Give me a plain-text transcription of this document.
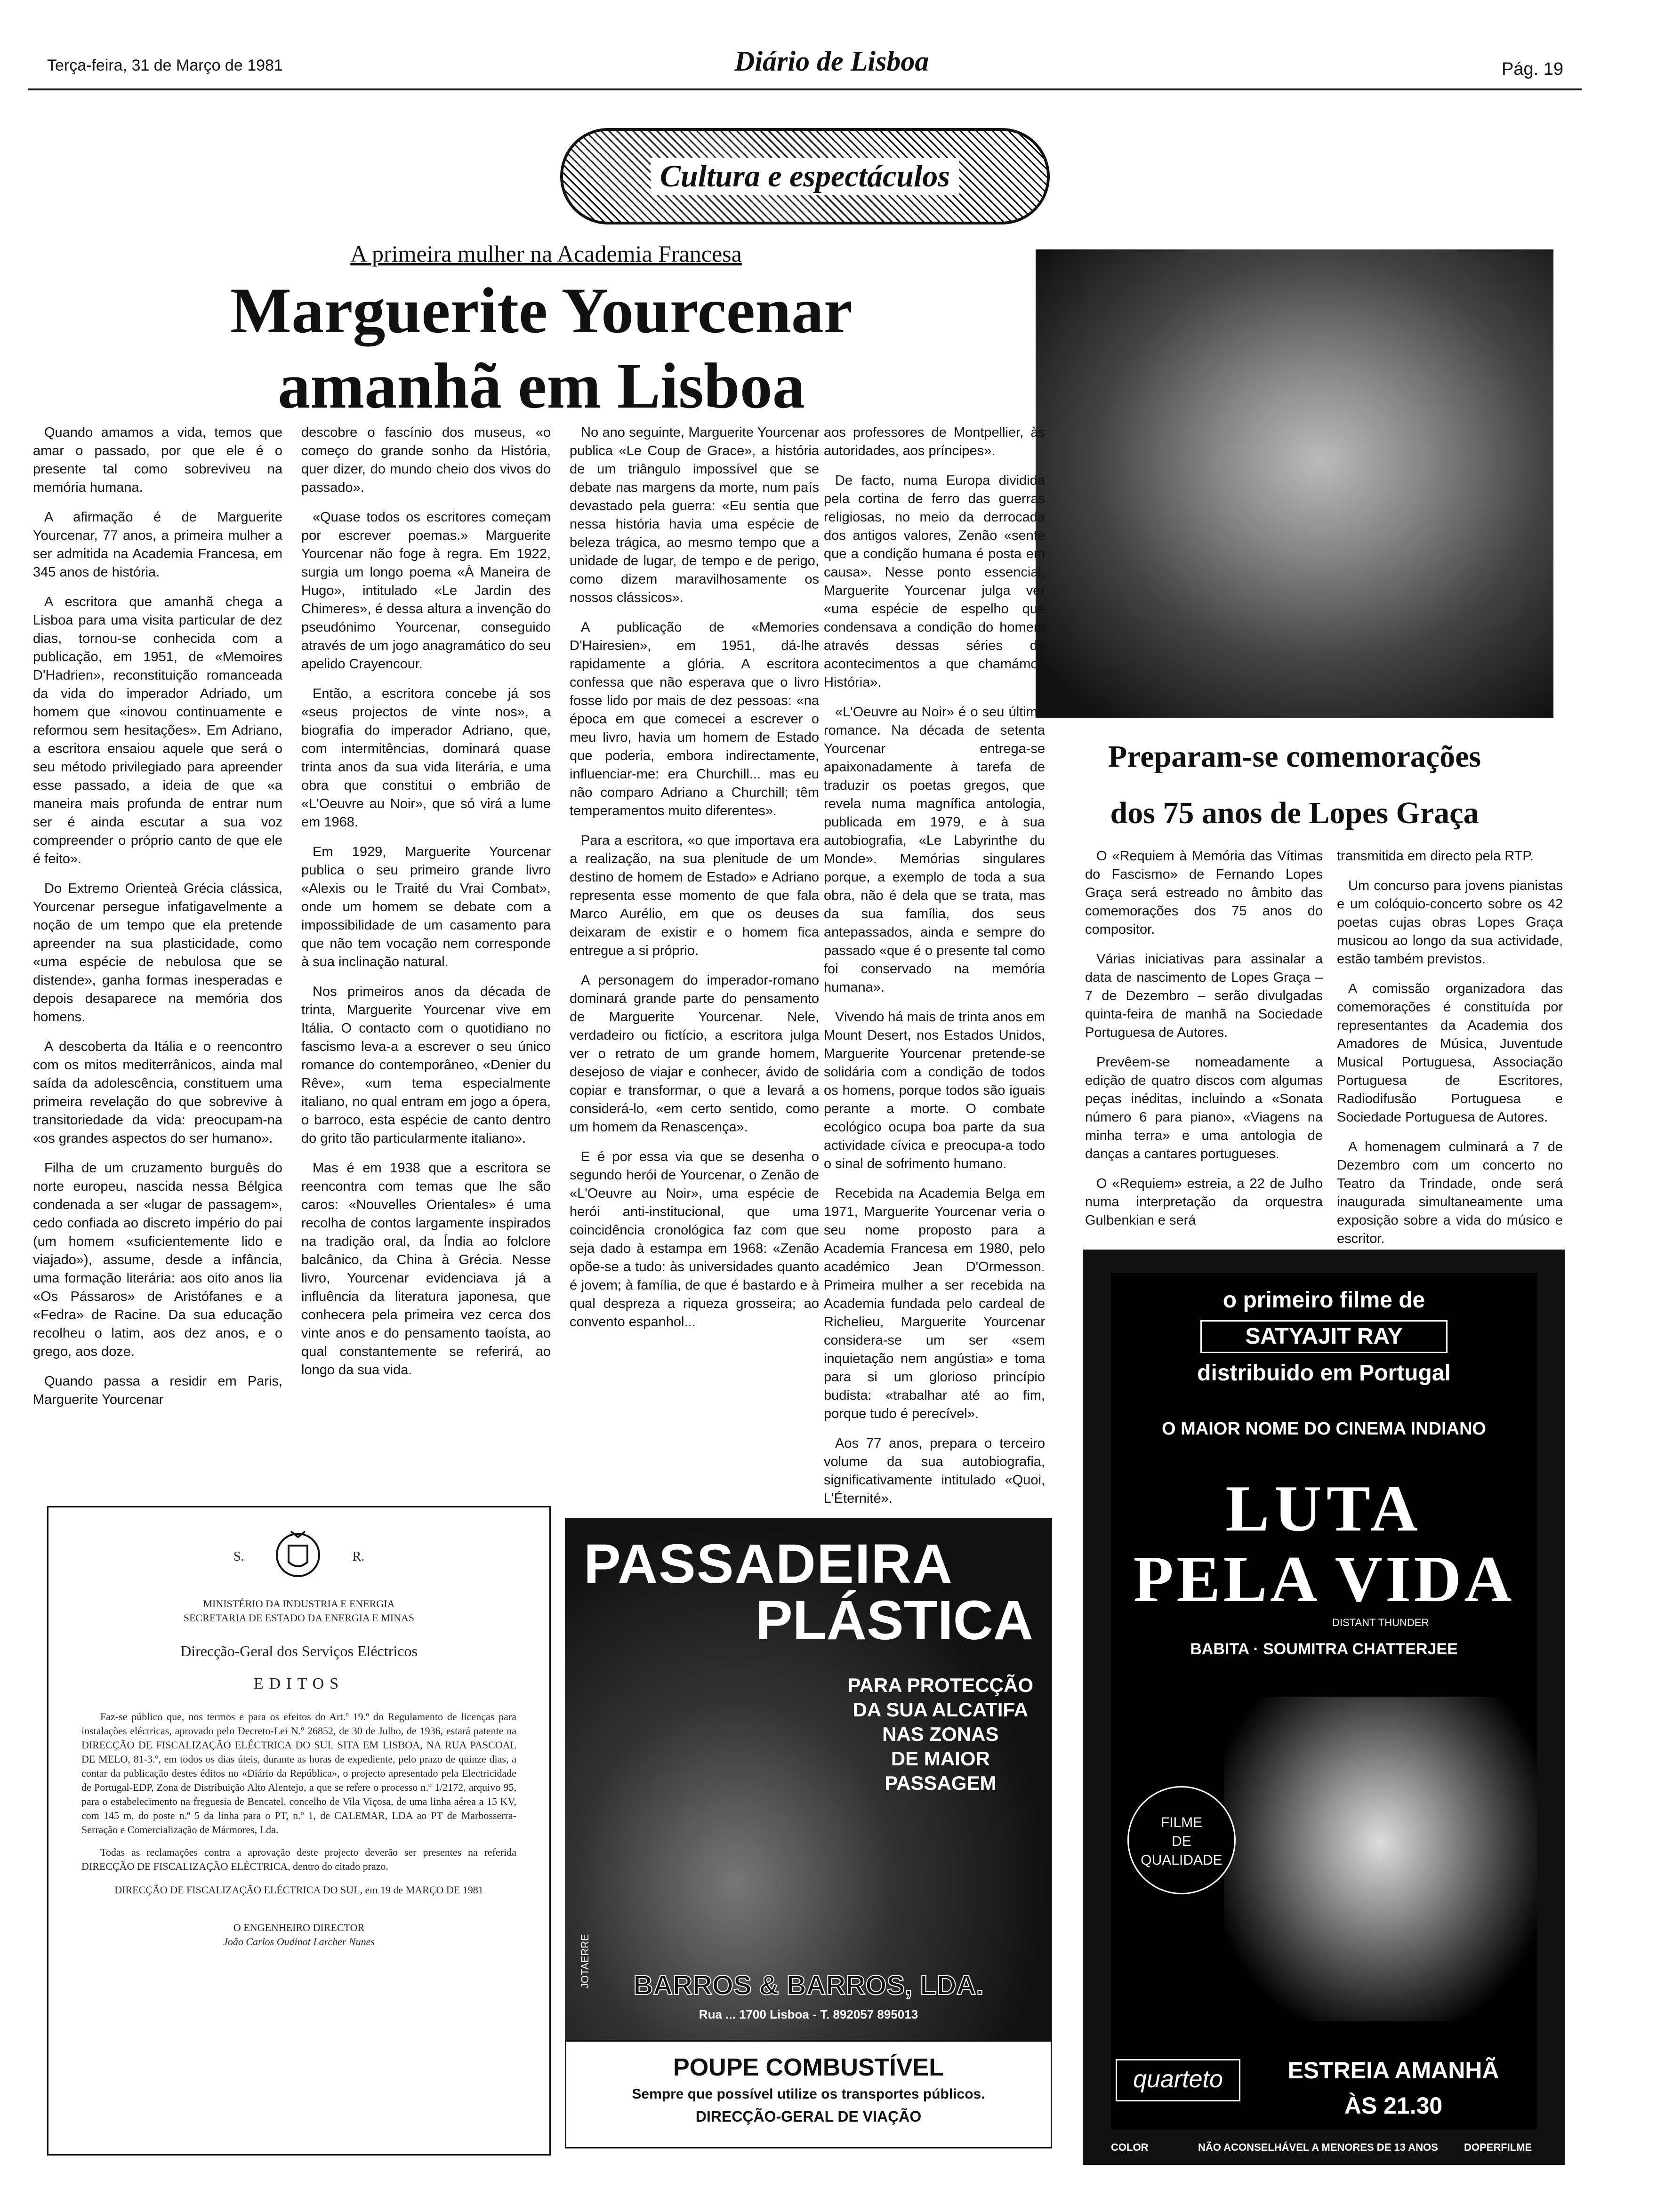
Terça-feira, 31 de Março de 1981	Diário de Lisboa	Pág. 19
Cultura e espectáculos
A primeira mulher na Academia Francesa
Marguerite Yourcenar
amanhã em Lisboa

Quando amamos a vida, temos que amar o passado, por que ele é o presente tal como sobreviveu na memória humana.

A afirmação é de Marguerite Yourcenar, 77 anos, a primeira mulher a ser admitida na Academia Francesa, em 345 anos de história.

A escritora que amanhã chega a Lisboa para uma visita particular de dez dias, tornou-se conhecida com a publicação, em 1951, de «Memoires D'Hadrien», reconstituição romanceada da vida do imperador Adriado, um homem que «inovou continuamente e reformou sem hesitações». Em Adriano, a escritora ensaiou aquele que será o seu método privilegiado para apreender esse passado, a ideia de que «a maneira mais profunda de entrar num ser é ainda escutar a sua voz compreender o próprio canto de que ele é feito».

Do Extremo Orienteà Grécia clássica, Yourcenar persegue infatigavelmente a noção de um tempo que ela pretende apreender na sua plasticidade, como «uma espécie de nebulosa que se distende», ganha formas inesperadas e depois desaparece na memória dos homens.

A descoberta da Itália e o reencontro com os mitos mediterrânicos, ainda mal saída da adolescência, constituem uma primeira revelação do que sobrevive à transitoriedade da vida: preocupam-na «os grandes aspectos do ser humano».

Filha de um cruzamento burguês do norte europeu, nascida nessa Bélgica condenada a ser «lugar de passagem», cedo confiada ao discreto império do pai (um homem «suficientemente lido e viajado»), assume, desde a infância, uma formação literária: aos oito anos lia «Os Pássaros» de Aristófanes e a «Fedra» de Racine. Da sua educação recolheu o latim, aos dez anos, e o grego, aos doze.

Quando passa a residir em Paris, Marguerite Yourcenar

descobre o fascínio dos museus, «o começo do grande sonho da História, quer dizer, do mundo cheio dos vivos do passado».

«Quase todos os escritores começam por escrever poemas.» Marguerite Yourcenar não foge à regra. Em 1922, surgia um longo poema «À Maneira de Hugo», intitulado «Le Jardin des Chimeres», é dessa altura a invenção do pseudónimo Yourcenar, conseguido através de um jogo anagramático do seu apelido Crayencour.

Então, a escritora concebe já sos «seus projectos de vinte nos», a biografia do imperador Adriano, que, com intermitências, dominará quase trinta anos da sua vida literária, e uma obra que constitui o embrião de «L'Oeuvre au Noir», que só virá a lume em 1968.

Em 1929, Marguerite Yourcenar publica o seu primeiro grande livro «Alexis ou le Traité du Vrai Combat», onde um homem se debate com a impossibilidade de um casamento para que não tem vocação nem corresponde à sua inclinação natural.

Nos primeiros anos da década de trinta, Marguerite Yourcenar vive em Itália. O contacto com o quotidiano no fascismo leva-a a escrever o seu único romance do contemporâneo, «Denier du Rêve», «um tema especialmente italiano, no qual entram em jogo a ópera, o barroco, esta espécie de canto dentro do grito tão particularmente italiano».

Mas é em 1938 que a escritora se reencontra com temas que lhe são caros: «Nouvelles Orientales» é uma recolha de contos largamente inspirados na tradição oral, da Índia ao folclore balcânico, da China à Grécia. Nesse livro, Yourcenar evidenciava já a influência da literatura japonesa, que conhecera pela primeira vez cerca dos vinte anos e do pensamento taoísta, ao qual constantemente se referirá, ao longo da sua vida.

No ano seguinte, Marguerite Yourcenar publica «Le Coup de Grace», a história de um triângulo impossível que se debate nas margens da morte, num país devastado pela guerra: «Eu sentia que nessa história havia uma espécie de beleza trágica, ao mesmo tempo que a unidade de lugar, de tempo e de perigo, como dizem maravilhosamente os nossos clássicos».

A publicação de «Memories D'Hairesien», em 1951, dá-lhe rapidamente a glória. A escritora confessa que não esperava que o livro fosse lido por mais de dez pessoas: «na época em que comecei a escrever o meu livro, havia um homem de Estado que poderia, embora indirectamente, influenciar-me: era Churchill... mas eu não comparo Adriano a Churchill; têm temperamentos muito diferentes».

Para a escritora, «o que importava era a realização, na sua plenitude de um destino de homem de Estado» e Adriano representa esse momento de que fala Marco Aurélio, em que os deuses deixaram de existir e o homem fica entregue a si próprio.

A personagem do imperador-romano dominará grande parte do pensamento de Marguerite Yourcenar. Nele, verdadeiro ou fictício, a escritora julga ver o retrato de um grande homem, desejoso de viajar e conhecer, ávido de copiar e transformar, o que a levará a considerá-lo, «em certo sentido, como um homem da Renascença».

E é por essa via que se desenha o segundo herói de Yourcenar, o Zenão de «L'Oeuvre au Noir», uma espécie de herói anti-institucional, que uma coincidência cronológica faz com que seja dado à estampa em 1968: «Zenão opõe-se a tudo: às universidades quanto é jovem; à família, de que é bastardo e à qual despreza a riqueza grosseira; ao convento espanhol...

aos professores de Montpellier, às autoridades, aos príncipes».

De facto, numa Europa dividida pela cortina de ferro das guerras religiosas, no meio da derrocada dos antigos valores, Zenão «sente que a condição humana é posta em causa». Nesse ponto essencial, Marguerite Yourcenar julga ver «uma espécie de espelho que condensava a condição do homem através dessas séries de acontecimentos a que chamámos História».

«L'Oeuvre au Noir» é o seu último romance. Na década de setenta Yourcenar entrega-se apaixonadamente à tarefa de traduzir os poetas gregos, que revela numa magnífica antologia, publicada em 1979, e à sua autobiografia, «Le Labyrinthe du Monde». Memórias singulares porque, a exemplo de toda a sua obra, não é dela que se trata, mas da sua família, dos seus antepassados, ainda e sempre do passado «que é o presente tal como foi conservado na memória humana».

Vivendo há mais de trinta anos em Mount Desert, nos Estados Unidos, Marguerite Yourcenar pretende-se solidária com a condição de todos os homens, porque todos são iguais perante a morte. O combate ecológico ocupa boa parte da sua actividade cívica e preocupa-a todo o sinal de sofrimento humano.

Recebida na Academia Belga em 1971, Marguerite Yourcenar veria o seu nome proposto para a Academia Francesa em 1980, pelo académico Jean D'Ormesson. Primeira mulher a ser recebida na Academia fundada pelo cardeal de Richelieu, Marguerite Yourcenar considera-se um ser «sem inquietação nem angústia» e toma para si um glorioso princípio budista: «trabalhar até ao fim, porque tudo é perecível».

Aos 77 anos, prepara o terceiro volume da sua autobiografia, significativamente intitulado «Quoi, L'Éternité».

Preparam-se comemorações
dos 75 anos de Lopes Graça

O «Requiem à Memória das Vítimas do Fascismo» de Fernando Lopes Graça será estreado no âmbito das comemorações dos 75 anos do compositor.

Várias iniciativas para assinalar a data de nascimento de Lopes Graça – 7 de Dezembro – serão divulgadas quinta-feira de manhã na Sociedade Portuguesa de Autores.

Prevêem-se nomeadamente a edição de quatro discos com algumas peças inéditas, incluindo a «Sonata número 6 para piano», «Viagens na minha terra» e uma antologia de danças a cantares portugueses.

O «Requiem» estreia, a 22 de Julho numa interpretação da orquestra Gulbenkian e será

transmitida em directo pela RTP.

Um concurso para jovens pianistas e um colóquio-concerto sobre os 42 poetas cujas obras Lopes Graça musicou ao longo da sua actividade, estão também previstos.

A comissão organizadora das comemorações é constituída por representantes da Academia dos Amadores de Música, Juventude Musical Portuguesa, Associação Portuguesa de Escritores, Radiodifusão Portuguesa e Sociedade Portuguesa de Autores.

A homenagem culminará a 7 de Dezembro com um concerto no Teatro da Trindade, onde será inaugurada simultaneamente uma exposição sobre a vida do músico e escritor.

S.	R.
MINISTÉRIO DA INDUSTRIA E ENERGIA
SECRETARIA DE ESTADO DA ENERGIA E MINAS
Direcção-Geral dos Serviços Eléctricos
EDITOS

Faz-se público que, nos termos e para os efeitos do Art.º 19.º do Regulamento de licenças para instalações eléctricas, aprovado pelo Decreto-Lei N.º 26852, de 30 de Julho, de 1936, estará patente na DIRECÇÃO DE FISCALIZAÇÃO ELÉCTRICA DO SUL SITA EM LISBOA, NA RUA PASCOAL DE MELO, 81-3.º, em todos os dias úteis, durante as horas de expediente, pelo prazo de quinze dias, a contar da publicação destes éditos no «Diário da República», o projecto apresentado pela Electricidade de Portugal-EDP, Zona de Distribuição Alto Alentejo, a que se refere o processo n.º 1/2172, arquivo 95, para o estabelecimento na freguesia de Bencatel, concelho de Vila Viçosa, de uma linha aérea a 15 KV, com 145 m, do poste n.º 5 da linha para o PT, n.º 1, de CALEMAR, LDA ao PT de Marbosserra-Serração e Comercialização de Mármores, Lda.

Todas as reclamações contra a aprovação deste projecto deverão ser presentes na referida DIRECÇÃO DE FISCALIZAÇÃO ELÉCTRICA, dentro do citado prazo.

DIRECÇÃO DE FISCALIZAÇÃO ELÉCTRICA DO SUL, em 19 de MARÇO DE 1981
O ENGENHEIRO DIRECTOR
João Carlos Oudinot Larcher Nunes
PASSADEIRA
PLÁSTICA
PARA PROTECÇÃO
DA SUA ALCATIFA
NAS ZONAS
DE MAIOR
PASSAGEM
JOTAERRE	BARROS & BARROS, LDA.
Rua ... 1700 Lisboa - T. 892057 895013
POUPE COMBUSTÍVEL
Sempre que possível utilize os transportes públicos.
DIRECÇÃO-GERAL DE VIAÇÃO
o primeiro filme de
SATYAJIT RAY
distribuido em Portugal
O MAIOR NOME DO CINEMA INDIANO
LUTA
PELA VIDA
DISTANT THUNDER
BABITA · SOUMITRA CHATTERJEE
FILME
DE
QUALIDADE
quarteto	ESTREIA AMANHÃ
ÀS 21.30
COLOR	NÃO ACONSELHÁVEL A MENORES DE 13 ANOS	DOPERFILME
